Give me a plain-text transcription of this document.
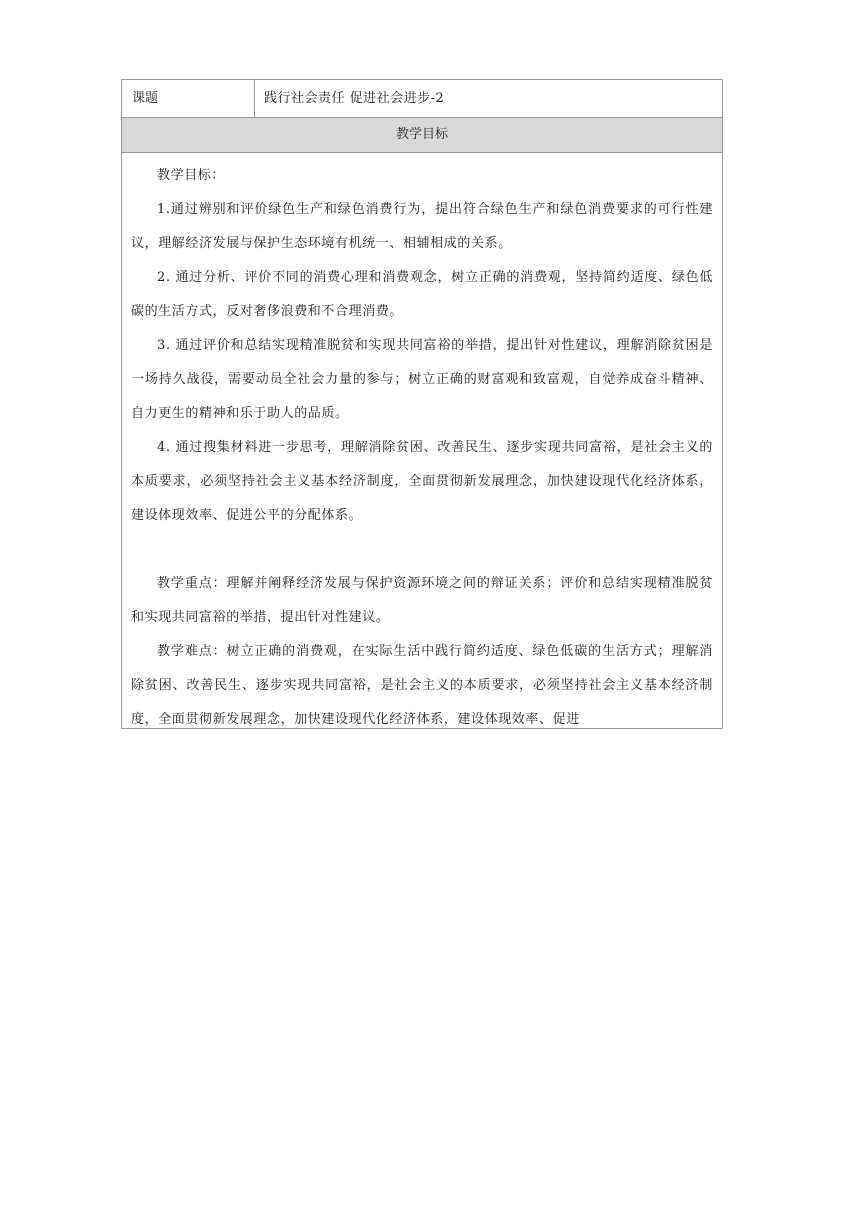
课题	践行社会责任 促进社会进步-2
教学目标

教学目标：

1.通过辨别和评价绿色生产和绿色消费行为，提出符合绿色生产和绿色消费要求的可行性建议，理解经济发展与保护生态环境有机统一、相辅相成的关系。

2. 通过分析、评价不同的消费心理和消费观念，树立正确的消费观，坚持简约适度、绿色低碳的生活方式，反对奢侈浪费和不合理消费。

3. 通过评价和总结实现精准脱贫和实现共同富裕的举措，提出针对性建议，理解消除贫困是一场持久战役，需要动员全社会力量的参与；树立正确的财富观和致富观，自觉养成奋斗精神、 自力更生的精神和乐于助人的品质。

4. 通过搜集材料进一步思考，理解消除贫困、改善民生、逐步实现共同富裕，是社会主义的本质要求，必须坚持社会主义基本经济制度，全面贯彻新发展理念，加快建设现代化经济体系，建设体现效率、促进公平的分配体系。

教学重点：理解并阐释经济发展与保护资源环境之间的辩证关系；评价和总结实现精准脱贫和实现共同富裕的举措，提出针对性建议。

教学难点：树立正确的消费观，在实际生活中践行简约适度、绿色低碳的生活方式；理解消除贫困、改善民生、逐步实现共同富裕，是社会主义的本质要求，必须坚持社会主义基本经济制度，全面贯彻新发展理念，加快建设现代化经济体系，建设体现效率、促进
